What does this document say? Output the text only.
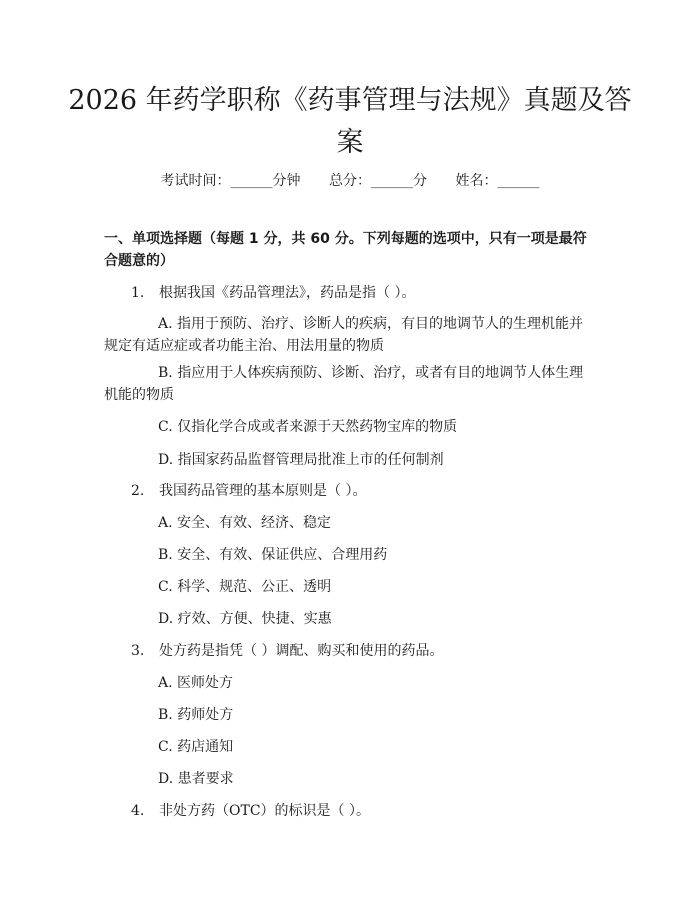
2026 年药学职称《药事管理与法规》真题及答案
考试时间：______分钟 总分：______分 姓名：______
一、单项选择题（每题 1 分，共 60 分。下列每题的选项中，只有一项是最符合题意的）
1. 根据我国《药品管理法》，药品是指（ ）。
A. 指用于预防、治疗、诊断人的疾病，有目的地调节人的生理机能并规定有适应症或者功能主治、用法用量的物质
B. 指应用于人体疾病预防、诊断、治疗，或者有目的地调节人体生理机能的物质
C. 仅指化学合成或者来源于天然药物宝库的物质
D. 指国家药品监督管理局批准上市的任何制剂
2. 我国药品管理的基本原则是（ ）。
A. 安全、有效、经济、稳定
B. 安全、有效、保证供应、合理用药
C. 科学、规范、公正、透明
D. 疗效、方便、快捷、实惠
3. 处方药是指凭（ ）调配、购买和使用的药品。
A. 医师处方
B. 药师处方
C. 药店通知
D. 患者要求
4. 非处方药（OTC）的标识是（ ）。
